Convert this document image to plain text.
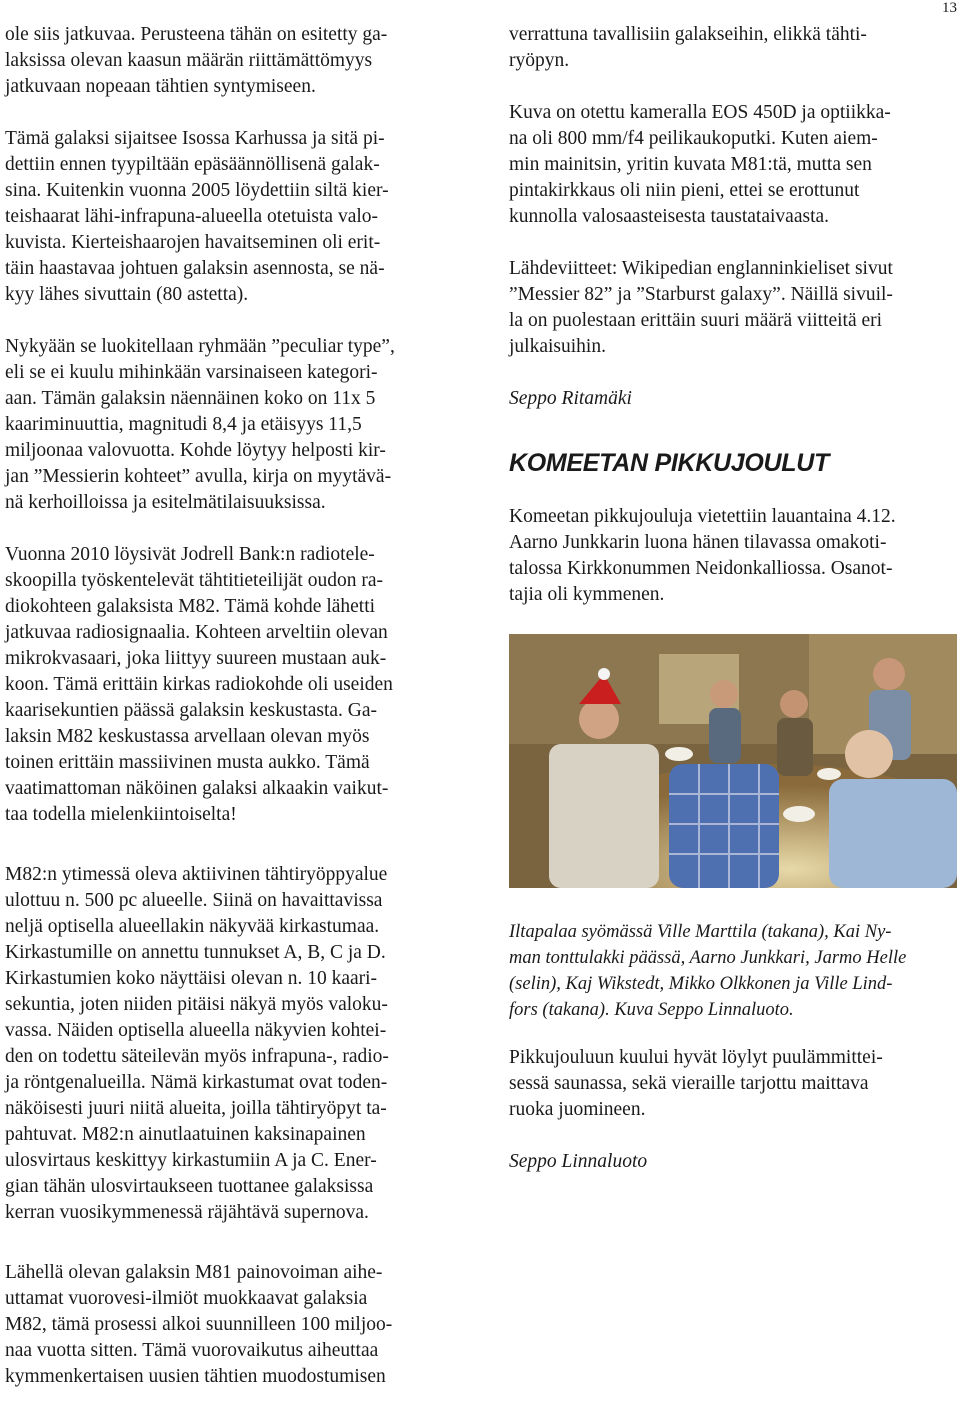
13

ole siis jatkuvaa. Perusteena tähän on esitetty ga-
laksissa olevan kaasun määrän riittämättömyys
jatkuvaan nopeaan tähtien syntymiseen.

Tämä galaksi sijaitsee Isossa Karhussa ja sitä pi-
dettiin ennen tyypiltään epäsäännöllisenä galak-
sina. Kuitenkin vuonna 2005 löydettiin siltä kier-
teishaarat lähi-infrapuna-alueella otetuista valo-
kuvista. Kierteishaarojen havaitseminen oli erit-
täin haastavaa johtuen galaksin asennosta, se nä-
kyy lähes sivuttain (80 astetta).

Nykyään se luokitellaan ryhmään ”peculiar type”,
eli se ei kuulu mihinkään varsinaiseen kategori-
aan. Tämän galaksin näennäinen koko on 11x 5
kaariminuuttia, magnitudi 8,4 ja etäisyys 11,5
miljoonaa valovuotta. Kohde löytyy helposti kir-
jan ”Messierin kohteet” avulla, kirja on myytävä-
nä kerhoilloissa ja esitelmätilaisuuksissa.

Vuonna 2010 löysivät Jodrell Bank:n radiotele-
skoopilla työskentelevät tähtitieteilijät oudon ra-
diokohteen galaksista M82. Tämä kohde lähetti
jatkuvaa radiosignaalia. Kohteen arveltiin olevan
mikrokvasaari, joka liittyy suureen mustaan auk-
koon. Tämä erittäin kirkas radiokohde oli useiden
kaarisekuntien päässä galaksin keskustasta. Ga-
laksin M82 keskustassa arvellaan olevan myös
toinen erittäin massiivinen musta aukko. Tämä
vaatimattoman näköinen galaksi alkaakin vaikut-
taa todella mielenkiintoiselta!

M82:n ytimessä oleva aktiivinen tähtiryöppyalue
ulottuu n. 500 pc alueelle. Siinä on havaittavissa
neljä optisella alueellakin näkyvää kirkastumaa.
Kirkastumille on annettu tunnukset A, B, C ja D.
Kirkastumien koko näyttäisi olevan n. 10 kaari-
sekuntia, joten niiden pitäisi näkyä myös valoku-
vassa. Näiden optisella alueella näkyvien kohtei-
den on todettu säteilevän myös infrapuna-, radio-
ja röntgenalueilla. Nämä kirkastumat ovat toden-
näköisesti juuri niitä alueita, joilla tähtiryöpyt ta-
pahtuvat. M82:n ainutlaatuinen kaksinapainen
ulosvirtaus keskittyy kirkastumiin A ja C. Ener-
gian tähän ulosvirtaukseen tuottanee galaksissa
kerran vuosikymmenessä räjähtävä supernova.

Lähellä olevan galaksin M81 painovoiman aihe-
uttamat vuorovesi-ilmiöt muokkaavat galaksia
M82, tämä prosessi alkoi suunnilleen 100 miljoo-
naa vuotta sitten. Tämä vuorovaikutus aiheuttaa
kymmenkertaisen uusien tähtien muodostumisen

verrattuna tavallisiin galakseihin, elikkä tähti-
ryöpyn.

Kuva on otettu kameralla EOS 450D ja optiikka-
na oli 800 mm/f4 peilikaukoputki. Kuten aiem-
min mainitsin, yritin kuvata M81:tä, mutta sen
pintakirkkaus oli niin pieni, ettei se erottunut
kunnolla valosaasteisesta taustataivaasta.

Lähdeviitteet: Wikipedian englanninkieliset sivut
”Messier 82” ja ”Starburst galaxy”. Näillä sivuil-
la on puolestaan erittäin suuri määrä viitteitä eri
julkaisuihin.

Seppo Ritamäki

KOMEETAN PIKKUJOULUT

Komeetan pikkujouluja vietettiin lauantaina 4.12.
Aarno Junkkarin luona hänen tilavassa omakoti-
talossa Kirkkonummen Neidonkalliossa. Osanot-
tajia oli kymmenen.

Iltapalaa syömässä Ville Marttila (takana), Kai Ny-
man tonttulakki päässä, Aarno Junkkari, Jarmo Helle
(selin), Kaj Wikstedt, Mikko Olkkonen ja Ville Lind-
fors (takana). Kuva Seppo Linnaluoto.

Pikkujouluun kuului hyvät löylyt puulämmittei-
sessä saunassa, sekä vieraille tarjottu maittava
ruoka juomineen.

Seppo Linnaluoto
